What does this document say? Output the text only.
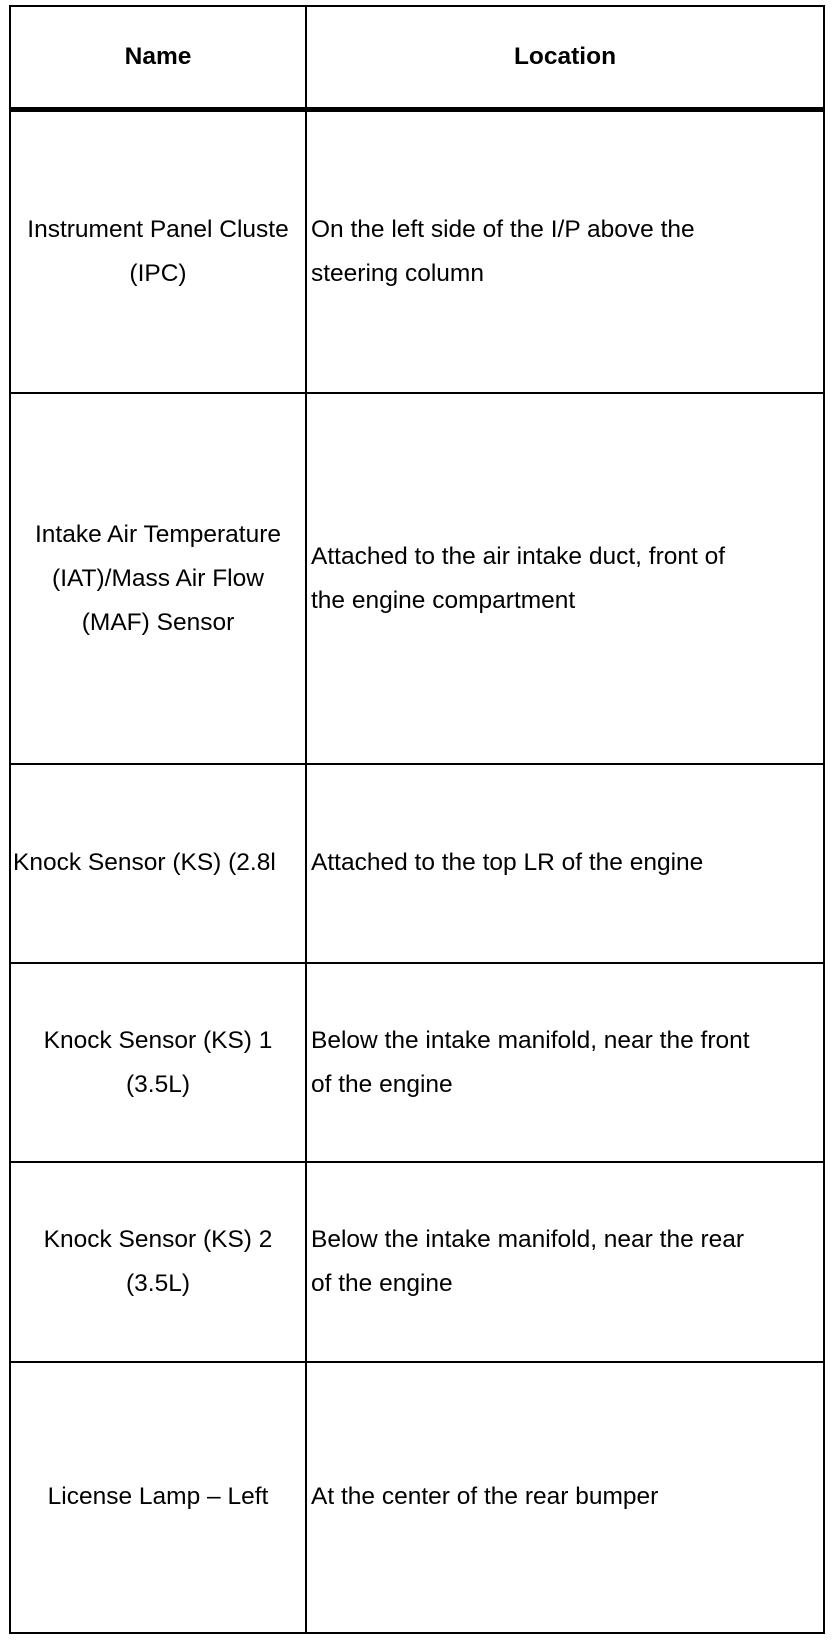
Name	Location

Instrument Panel Cluste
(IPC)	On the left side of the I/P above the
steering column

Intake Air Temperature
(IAT)/Mass Air Flow
(MAF) Sensor	Attached to the air intake duct, front of
the engine compartment

Knock Sensor (KS) (2.8l	Attached to the top LR of the engine

Knock Sensor (KS) 1
(3.5L)	Below the intake manifold, near the front
of the engine

Knock Sensor (KS) 2
(3.5L)	Below the intake manifold, near the rear
of the engine

License Lamp – Left	At the center of the rear bumper
